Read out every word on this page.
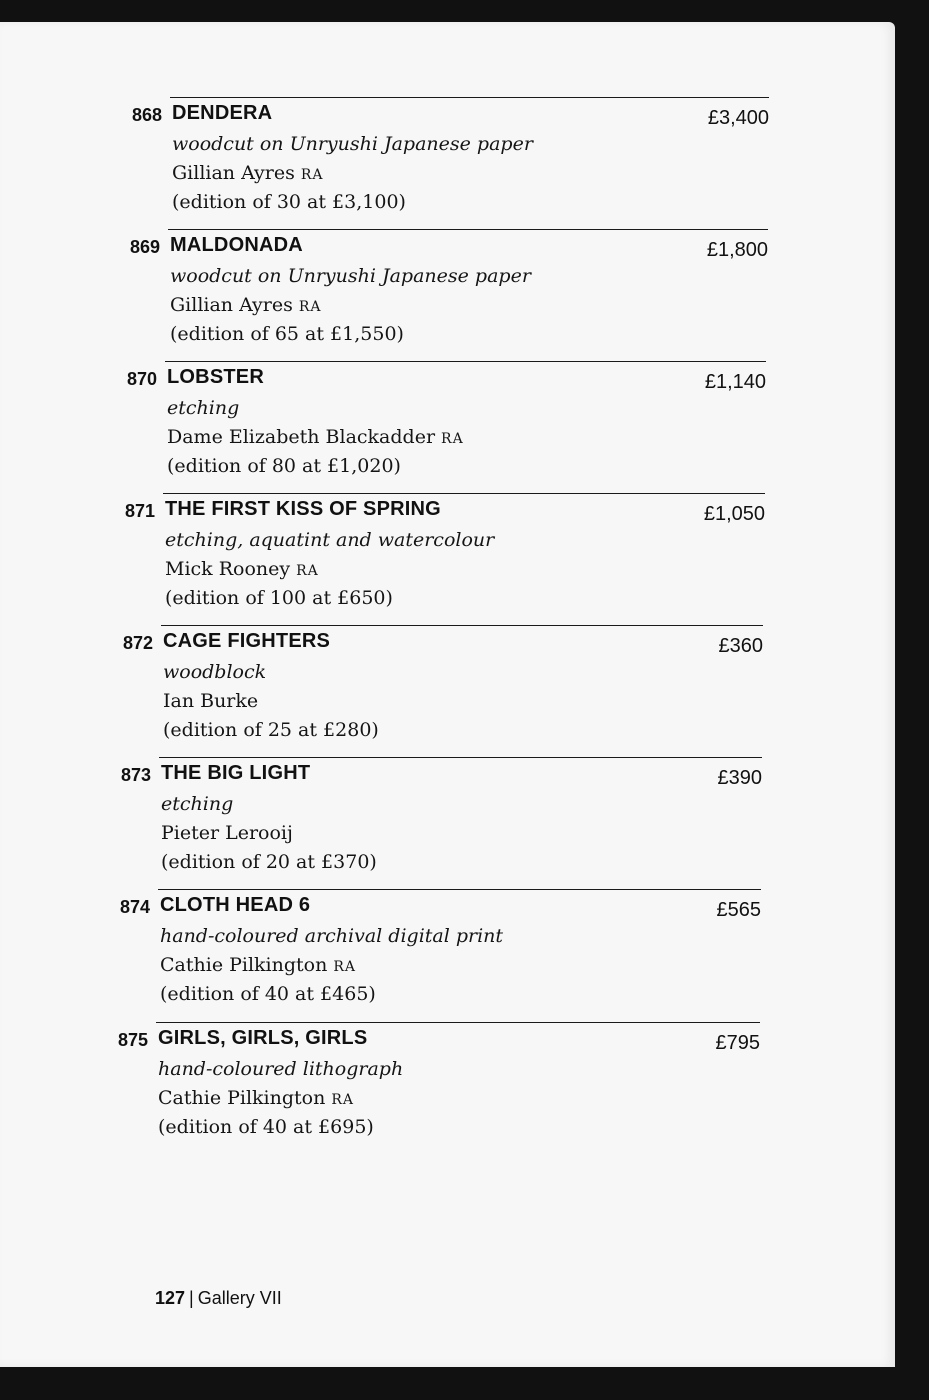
868 DENDERA	£3,400
woodcut on Unryushi Japanese paper
Gillian Ayres RA
(edition of 30 at £3,100)
869 MALDONADA	£1,800
woodcut on Unryushi Japanese paper
Gillian Ayres RA
(edition of 65 at £1,550)
870 LOBSTER	£1,140
etching
Dame Elizabeth Blackadder RA
(edition of 80 at £1,020)
871 THE FIRST KISS OF SPRING	£1,050
etching, aquatint and watercolour
Mick Rooney RA
(edition of 100 at £650)
872 CAGE FIGHTERS	£360
woodblock
Ian Burke
(edition of 25 at £280)
873 THE BIG LIGHT	£390
etching
Pieter Lerooij
(edition of 20 at £370)
874 CLOTH HEAD 6	£565
hand-coloured archival digital print
Cathie Pilkington RA
(edition of 40 at £465)
875 GIRLS, GIRLS, GIRLS	£795
hand-coloured lithograph
Cathie Pilkington RA
(edition of 40 at £695)
127 | Gallery VII
